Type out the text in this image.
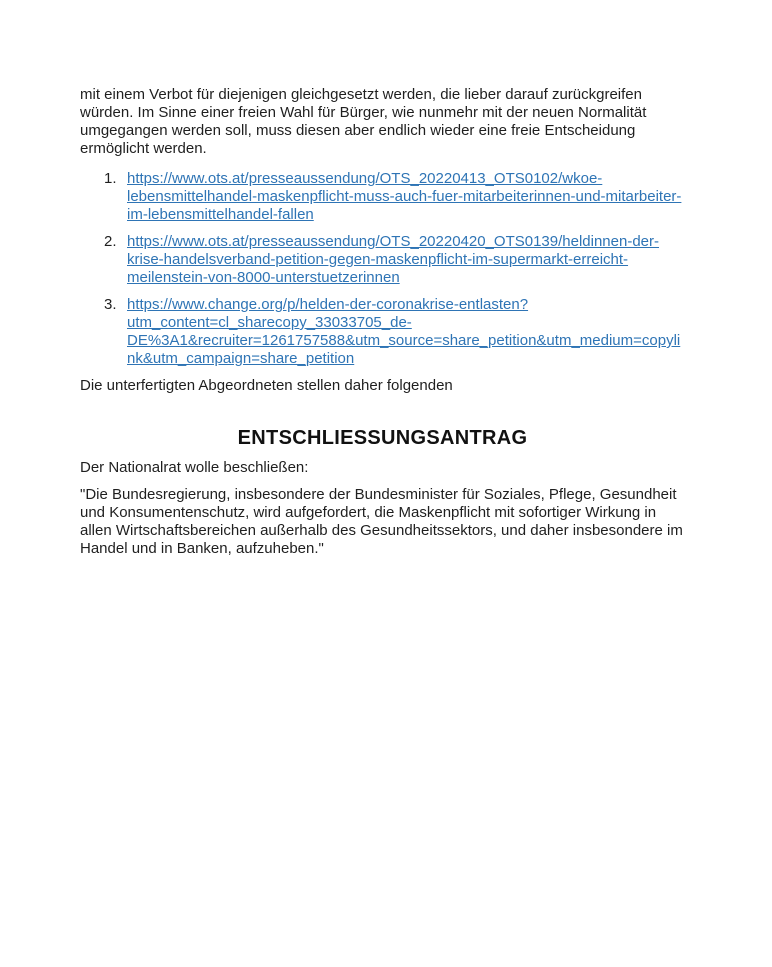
mit einem Verbot für diejenigen gleichgesetzt werden, die lieber darauf zurückgreifen würden. Im Sinne einer freien Wahl für Bürger, wie nunmehr mit der neuen Normalität umgegangen werden soll, muss diesen aber endlich wieder eine freie Entscheidung ermöglicht werden.

1. https://www.ots.at/presseaussendung/OTS_20220413_OTS0102/wkoe-lebensmittelhandel-maskenpflicht-muss-auch-fuer-mitarbeiterinnen-und-mitarbeiter-im-lebensmittelhandel-fallen
2. https://www.ots.at/presseaussendung/OTS_20220420_OTS0139/heldinnen-der-krise-handelsverband-petition-gegen-maskenpflicht-im-supermarkt-erreicht-meilenstein-von-8000-unterstuetzerinnen
3. https://www.change.org/p/helden-der-coronakrise-entlasten?utm_content=cl_sharecopy_33033705_de-DE%3A1&recruiter=1261757588&utm_source=share_petition&utm_medium=copylink&utm_campaign=share_petition

Die unterfertigten Abgeordneten stellen daher folgenden

ENTSCHLIESSUNGSANTRAG

Der Nationalrat wolle beschließen:

"Die Bundesregierung, insbesondere der Bundesminister für Soziales, Pflege, Gesundheit und Konsumentenschutz, wird aufgefordert, die Maskenpflicht mit sofortiger Wirkung in allen Wirtschaftsbereichen außerhalb des Gesundheitssektors, und daher insbesondere im Handel und in Banken, aufzuheben."
